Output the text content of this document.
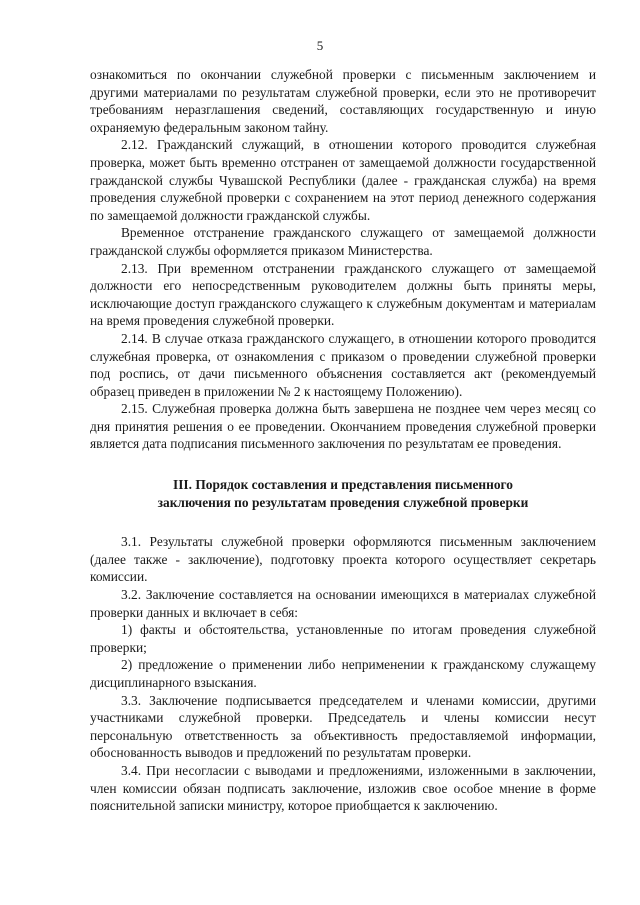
5

ознакомиться по окончании служебной проверки с письменным заключением и другими материалами по результатам служебной проверки, если это не противоречит требованиям неразглашения сведений, составляющих государственную и иную охраняемую федеральным законом тайну.

2.12. Гражданский служащий, в отношении которого проводится служебная проверка, может быть временно отстранен от замещаемой должности государственной гражданской службы Чувашской Республики (далее - гражданская служба) на время проведения служебной проверки с сохранением на этот период денежного содержания по замещаемой должности гражданской службы.

Временное отстранение гражданского служащего от замещаемой должности гражданской службы оформляется приказом Министерства.

2.13. При временном отстранении гражданского служащего от замещаемой должности его непосредственным руководителем должны быть приняты меры, исключающие доступ гражданского служащего к служебным документам и материалам на время проведения служебной проверки.

2.14. В случае отказа гражданского служащего, в отношении которого проводится служебная проверка, от ознакомления с приказом о проведении служебной проверки под роспись, от дачи письменного объяснения составляется акт (рекомендуемый образец приведен в приложении № 2 к настоящему Положению).

2.15. Служебная проверка должна быть завершена не позднее чем через месяц со дня принятия решения о ее проведении. Окончанием проведения служебной проверки является дата подписания письменного заключения по результатам ее проведения.

III. Порядок составления и представления письменного
заключения по результатам проведения служебной проверки

3.1. Результаты служебной проверки оформляются письменным заключением (далее также - заключение), подготовку проекта которого осуществляет секретарь комиссии.

3.2. Заключение составляется на основании имеющихся в материалах служебной проверки данных и включает в себя:

1) факты и обстоятельства, установленные по итогам проведения служебной проверки;

2) предложение о применении либо неприменении к гражданскому служащему дисциплинарного взыскания.

3.3. Заключение подписывается председателем и членами комиссии, другими участниками служебной проверки. Председатель и члены комиссии несут персональную ответственность за объективность предоставляемой информации, обоснованность выводов и предложений по результатам проверки.

3.4. При несогласии с выводами и предложениями, изложенными в заключении, член комиссии обязан подписать заключение, изложив свое особое мнение в форме пояснительной записки министру, которое приобщается к заключению.
